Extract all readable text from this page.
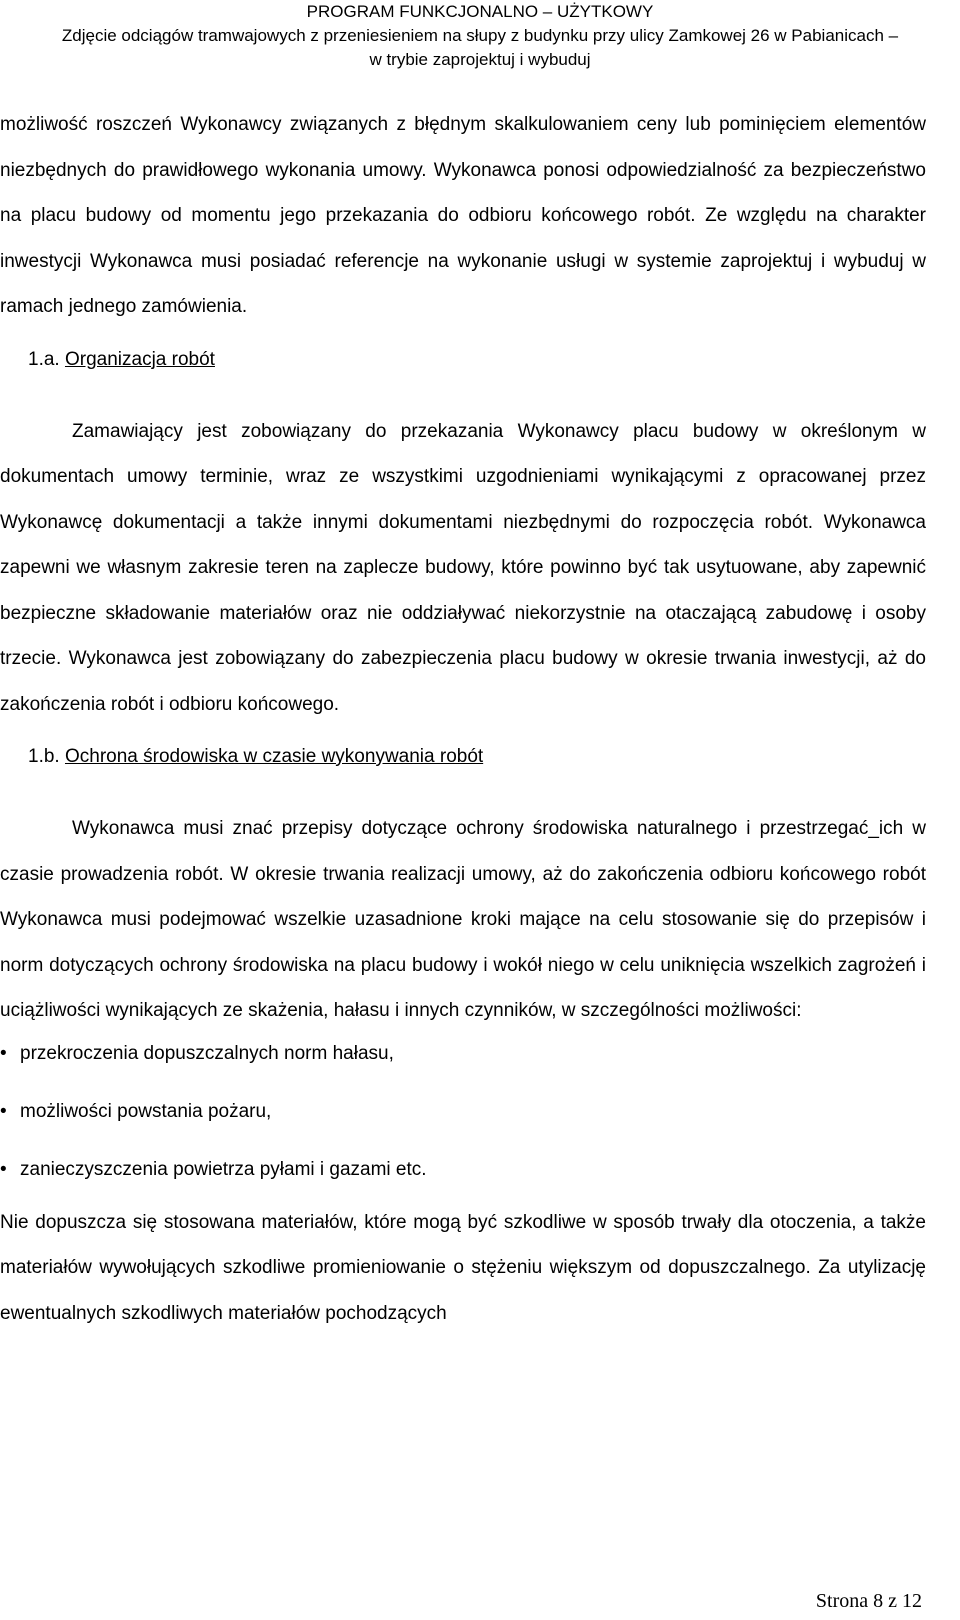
PROGRAM FUNKCJONALNO – UŻYTKOWY
Zdjęcie odciągów tramwajowych z przeniesieniem na słupy z budynku przy ulicy Zamkowej 26 w Pabianicach –
w trybie zaprojektuj i wybuduj

możliwość roszczeń Wykonawcy związanych z błędnym skalkulowaniem ceny lub pominięciem elementów niezbędnych do prawidłowego wykonania umowy. Wykonawca ponosi odpowiedzialność za bezpieczeństwo na placu budowy od momentu jego przekazania do odbioru końcowego robót. Ze względu na charakter inwestycji Wykonawca musi posiadać referencje na wykonanie usługi w systemie zaprojektuj i wybuduj w ramach jednego zamówienia.

1.a. Organizacja robót

Zamawiający jest zobowiązany do przekazania Wykonawcy placu budowy w określonym w dokumentach umowy terminie, wraz ze wszystkimi uzgodnieniami wynikającymi z opracowanej przez Wykonawcę dokumentacji a także innymi dokumentami niezbędnymi do rozpoczęcia robót. Wykonawca zapewni we własnym zakresie teren na zaplecze budowy, które powinno być tak usytuowane, aby zapewnić bezpieczne składowanie materiałów oraz nie oddziaływać niekorzystnie na otaczającą zabudowę i osoby trzecie. Wykonawca jest zobowiązany do zabezpieczenia placu budowy w okresie trwania inwestycji, aż do zakończenia robót i odbioru końcowego.

1.b. Ochrona środowiska w czasie wykonywania robót

Wykonawca musi znać przepisy dotyczące ochrony środowiska naturalnego i przestrzegać_ich w czasie prowadzenia robót. W okresie trwania realizacji umowy, aż do zakończenia odbioru końcowego robót Wykonawca musi podejmować wszelkie uzasadnione kroki mające na celu stosowanie się do przepisów i norm dotyczących ochrony środowiska na placu budowy i wokół niego w celu uniknięcia wszelkich zagrożeń i uciążliwości wynikających ze skażenia, hałasu i innych czynników, w szczególności możliwości:

• przekroczenia dopuszczalnych norm hałasu,
• możliwości powstania pożaru,
• zanieczyszczenia powietrza pyłami i gazami etc.

Nie dopuszcza się stosowana materiałów, które mogą być szkodliwe w sposób trwały dla otoczenia, a także materiałów wywołujących szkodliwe promieniowanie o stężeniu większym od dopuszczalnego. Za utylizację ewentualnych szkodliwych materiałów pochodzących

Strona 8 z 12
